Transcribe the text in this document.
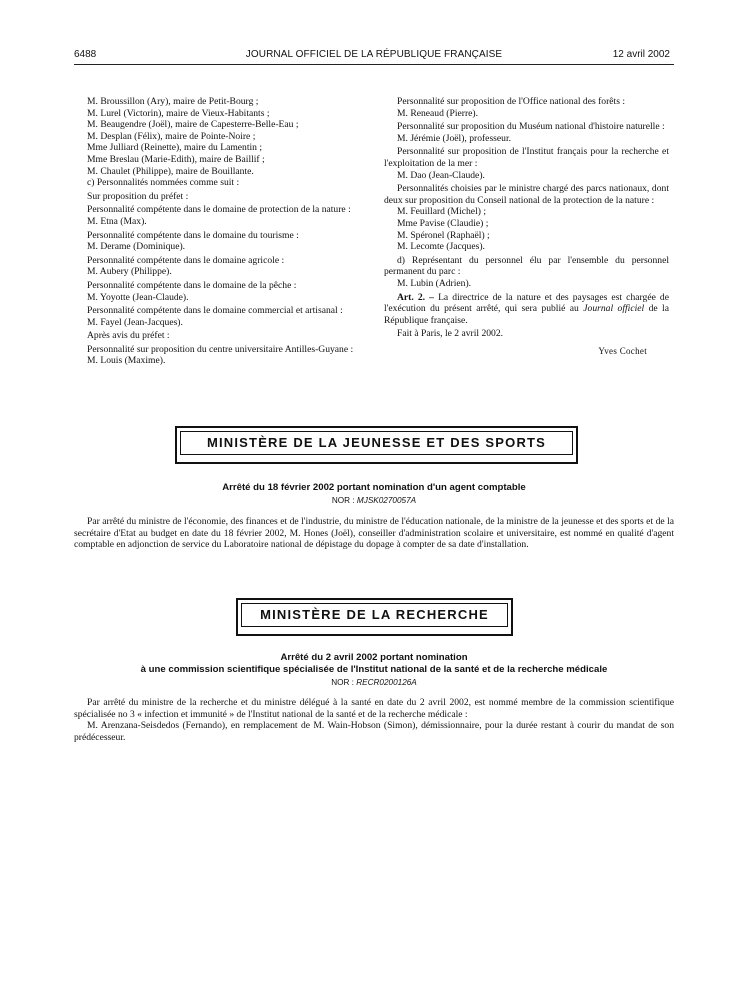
6488	JOURNAL OFFICIEL DE LA RÉPUBLIQUE FRANÇAISE	12 avril 2002

M. Broussillon (Ary), maire de Petit-Bourg ;

M. Lurel (Victorin), maire de Vieux-Habitants ;

M. Beaugendre (Joël), maire de Capesterre-Belle-Eau ;

M. Desplan (Félix), maire de Pointe-Noire ;

Mme Julliard (Reinette), maire du Lamentin ;

Mme Breslau (Marie-Edith), maire de Baillif ;

M. Chaulet (Philippe), maire de Bouillante.

c) Personnalités nommées comme suit :

Sur proposition du préfet :

Personnalité compétente dans le domaine de protection de la nature :

M. Etna (Max).

Personnalité compétente dans le domaine du tourisme :

M. Derame (Dominique).

Personnalité compétente dans le domaine agricole :

M. Aubery (Philippe).

Personnalité compétente dans le domaine de la pêche :

M. Yoyotte (Jean-Claude).

Personnalité compétente dans le domaine commercial et artisanal :

M. Fayel (Jean-Jacques).

Après avis du préfet :

Personnalité sur proposition du centre universitaire Antilles-Guyane :

M. Louis (Maxime).

Personnalité sur proposition de l'Office national des forêts :

M. Reneaud (Pierre).

Personnalité sur proposition du Muséum national d'histoire naturelle :

M. Jérémie (Joël), professeur.

Personnalité sur proposition de l'Institut français pour la recherche et l'exploitation de la mer :

M. Dao (Jean-Claude).

Personnalités choisies par le ministre chargé des parcs nationaux, dont deux sur proposition du Conseil national de la protection de la nature :

M. Feuillard (Michel) ;

Mme Pavise (Claudie) ;

M. Spéronel (Raphaël) ;

M. Lecomte (Jacques).

d) Représentant du personnel élu par l'ensemble du personnel permanent du parc :

M. Lubin (Adrien).

Art. 2. – La directrice de la nature et des paysages est chargée de l'exécution du présent arrêté, qui sera publié au Journal officiel de la République française.

Fait à Paris, le 2 avril 2002.

Yves Cochet

MINISTÈRE DE LA JEUNESSE ET DES SPORTS
Arrêté du 18 février 2002 portant nomination d'un agent comptable
NOR : MJSK0270057A

Par arrêté du ministre de l'économie, des finances et de l'industrie, du ministre de l'éducation nationale, de la ministre de la jeunesse et des sports et de la secrétaire d'Etat au budget en date du 18 février 2002, M. Hones (Joël), conseiller d'administration scolaire et universitaire, est nommé en qualité d'agent comptable en adjonction de service du Laboratoire national de dépistage du dopage à compter de sa date d'installation.

MINISTÈRE DE LA RECHERCHE
Arrêté du 2 avril 2002 portant nomination
à une commission scientifique spécialisée de l'Institut national de la santé et de la recherche médicale
NOR : RECR0200126A

Par arrêté du ministre de la recherche et du ministre délégué à la santé en date du 2 avril 2002, est nommé membre de la commission scientifique spécialisée no 3 « infection et immunité » de l'Institut national de la santé et de la recherche médicale :

M. Arenzana-Seisdedos (Fernando), en remplacement de M. Wain-Hobson (Simon), démissionnaire, pour la durée restant à courir du mandat de son prédécesseur.
